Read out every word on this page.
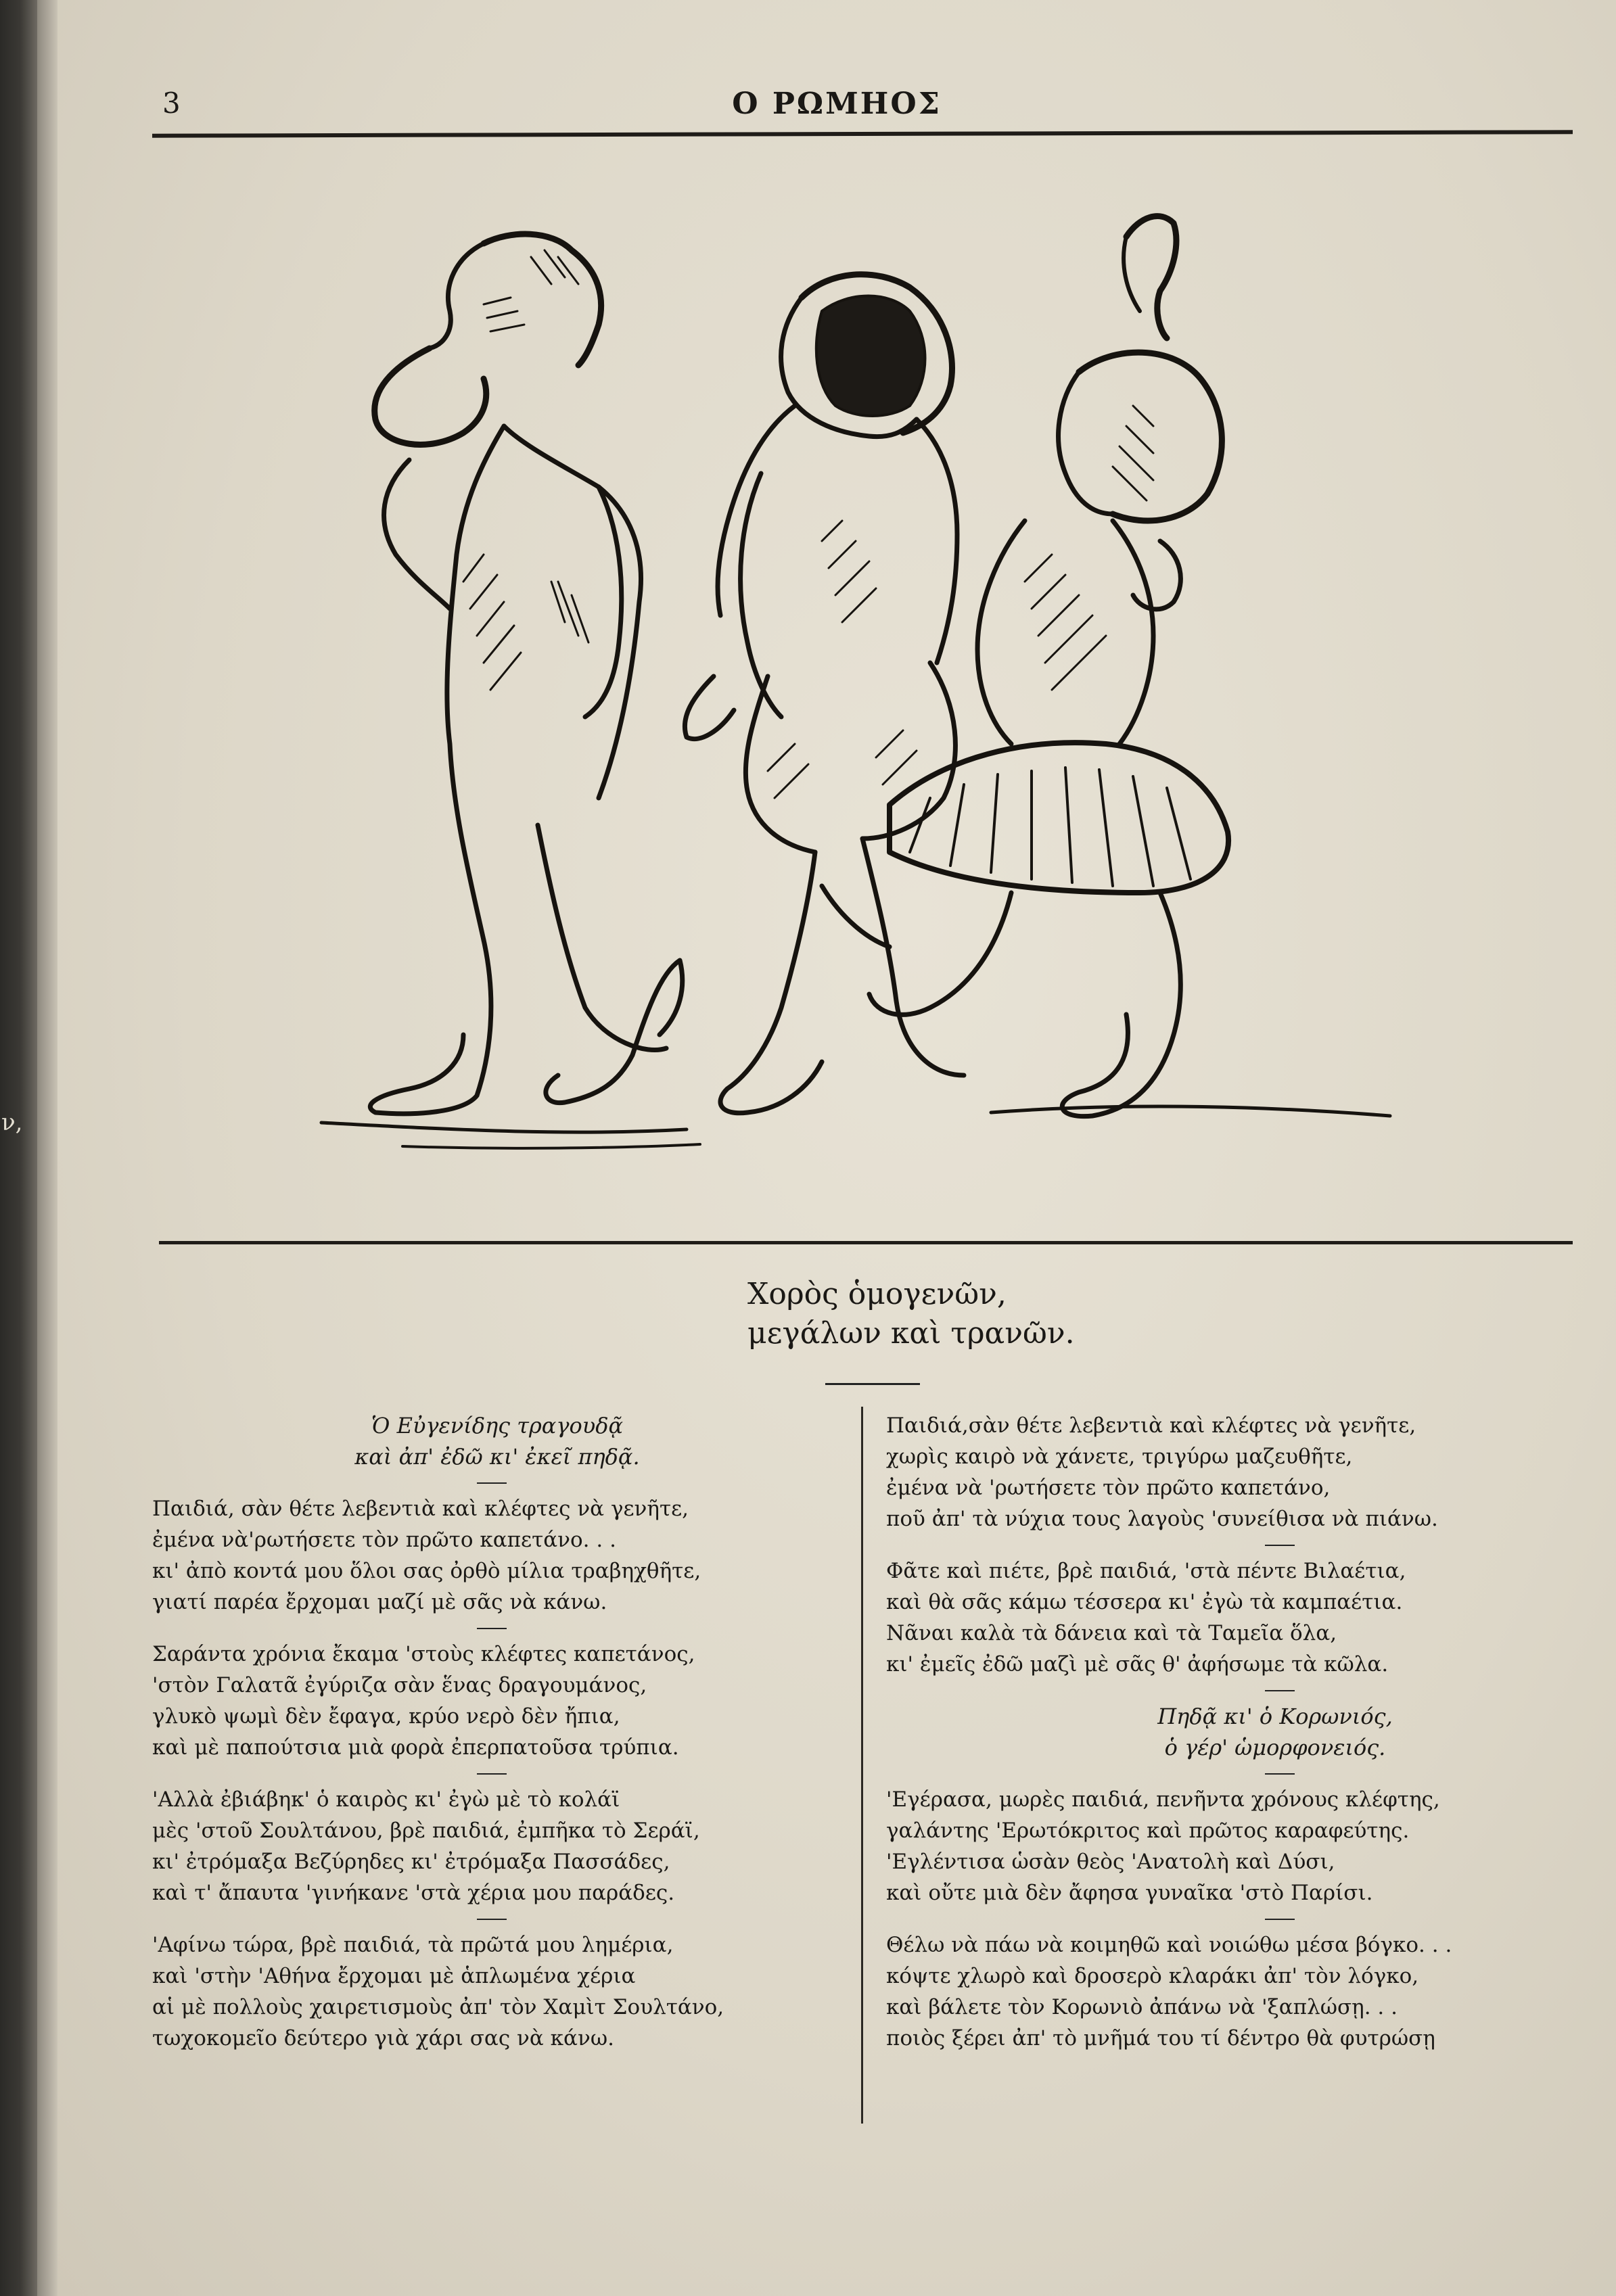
ν,
3	Ο ΡΩΜΗΟΣ
Χορὸς ὁμογενῶν,
μεγάλων καὶ τρανῶν.
Ὁ Εὐγενίδης τραγουδᾷ
καὶ ἀπ' ἐδῶ κι' ἐκεῖ πηδᾷ.
Παιδιά, σὰν θέτε λεβεντιὰ καὶ κλέφτες νὰ γενῆτε,
ἐμένα νὰ'ρωτήσετε τὸν πρῶτο καπετάνο. . .
κι' ἀπὸ κοντά μου ὅλοι σας ὀρθὸ μίλια τραβηχθῆτε,
γιατί παρέα ἔρχομαι μαζί μὲ σᾶς νὰ κάνω.
Σαράντα χρόνια ἔκαμα 'στοὺς κλέφτες καπετάνος,
'στὸν Γαλατᾶ ἐγύριζα σὰν ἕνας δραγουμάνος,
γλυκὸ ψωμὶ δὲν ἔφαγα, κρύο νερὸ δὲν ἤπια,
καὶ μὲ παπούτσια μιὰ φορὰ ἐπερπατοῦσα τρύπια.
'Αλλὰ ἐβιάβηκ' ὁ καιρὸς κι' ἐγὼ μὲ τὸ κολάϊ
μὲς 'στοῦ Σουλτάνου, βρὲ παιδιά, ἐμπῆκα τὸ Σεράϊ,
κι' ἐτρόμαξα Βεζύρηδες κι' ἐτρόμαξα Πασσάδες,
καὶ τ' ἄπαυτα 'γινήκανε 'στὰ χέρια μου παράδες.
'Αφίνω τώρα, βρὲ παιδιά, τὰ πρῶτά μου λημέρια,
καὶ 'στὴν 'Αθήνα ἔρχομαι μὲ ἁπλωμένα χέρια
αἱ μὲ πολλοὺς χαιρετισμοὺς ἀπ' τὸν Χαμὶτ Σουλτάνο,
τωχοκομεῖο δεύτερο γιὰ χάρι σας νὰ κάνω.
Παιδιά,σὰν θέτε λεβεντιὰ καὶ κλέφτες νὰ γενῆτε,
χωρὶς καιρὸ νὰ χάνετε, τριγύρω μαζευθῆτε,
ἐμένα νὰ 'ρωτήσετε τὸν πρῶτο καπετάνο,
ποῦ ἀπ' τὰ νύχια τους λαγοὺς 'συνείθισα νὰ πιάνω.
Φᾶτε καὶ πιέτε, βρὲ παιδιά, 'στὰ πέντε Βιλαέτια,
καὶ θὰ σᾶς κάμω τέσσερα κι' ἐγὼ τὰ καμπαέτια.
Νᾶναι καλὰ τὰ δάνεια καὶ τὰ Ταμεῖα ὅλα,
κι' ἐμεῖς ἐδῶ μαζὶ μὲ σᾶς θ' ἀφήσωμε τὰ κῶλα.
Πηδᾷ κι' ὁ Κορωνιός,
ὁ γέρ' ὡμορφονειός.
'Εγέρασα, μωρὲς παιδιά, πενῆντα χρόνους κλέφτης,
γαλάντης 'Ερωτόκριτος καὶ πρῶτος καραφεύτης.
'Εγλέντισα ὡσὰν θεὸς 'Ανατολὴ καὶ Δύσι,
καὶ οὔτε μιὰ δὲν ἄφησα γυναῖκα 'στὸ Παρίσι.
Θέλω νὰ πάω νὰ κοιμηθῶ καὶ νοιώθω μέσα βόγκο. . .
κόψτε χλωρὸ καὶ δροσερὸ κλαράκι ἀπ' τὸν λόγκο,
καὶ βάλετε τὸν Κορωνιὸ ἀπάνω νὰ 'ξαπλώσῃ. . .
ποιὸς ξέρει ἀπ' τὸ μνῆμά του τί δέντρο θὰ φυτρώσῃ
